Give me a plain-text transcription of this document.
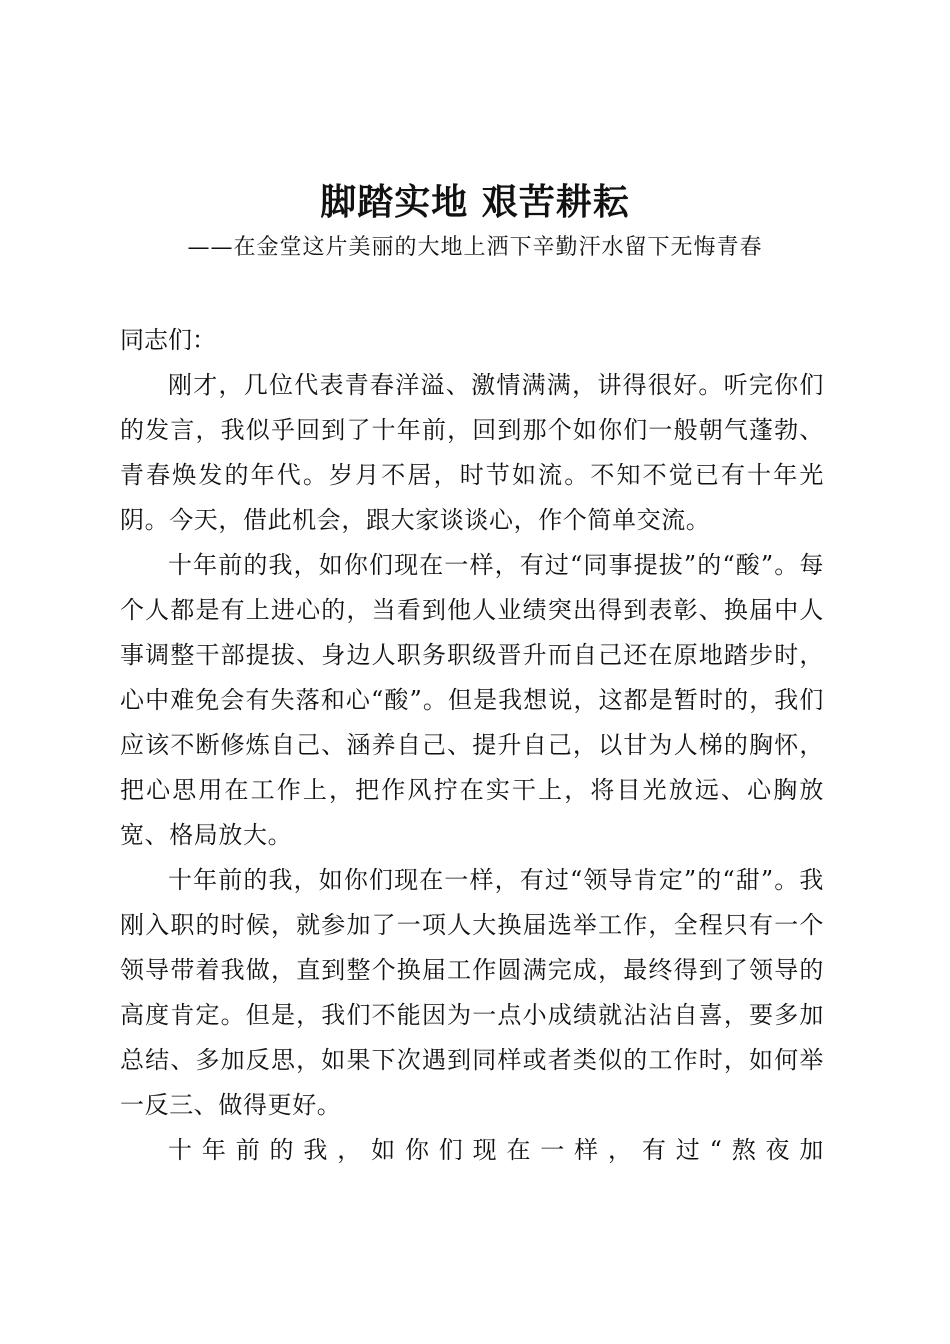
脚踏实地 艰苦耕耘
——在金堂这片美丽的大地上洒下辛勤汗水留下无悔青春

同志们：

刚才，几位代表青春洋溢、激情满满，讲得很好。听完你们的发言，我似乎回到了十年前，回到那个如你们一般朝气蓬勃、青春焕发的年代。岁月不居，时节如流。不知不觉已有十年光阴。今天，借此机会，跟大家谈谈心，作个简单交流。

十年前的我，如你们现在一样，有过“同事提拔”的“酸”。每个人都是有上进心的，当看到他人业绩突出得到表彰、换届中人事调整干部提拔、身边人职务职级晋升而自己还在原地踏步时，心中难免会有失落和心“酸”。但是我想说，这都是暂时的，我们应该不断修炼自己、涵养自己、提升自己，以甘为人梯的胸怀，把心思用在工作上，把作风拧在实干上，将目光放远、心胸放宽、格局放大。

十年前的我，如你们现在一样，有过“领导肯定”的“甜”。我刚入职的时候，就参加了一项人大换届选举工作，全程只有一个领导带着我做，直到整个换届工作圆满完成，最终得到了领导的高度肯定。但是，我们不能因为一点小成绩就沾沾自喜，要多加总结、多加反思，如果下次遇到同样或者类似的工作时，如何举一反三、做得更好。

十年前的我，如你们现在一样，有过“熬夜加
